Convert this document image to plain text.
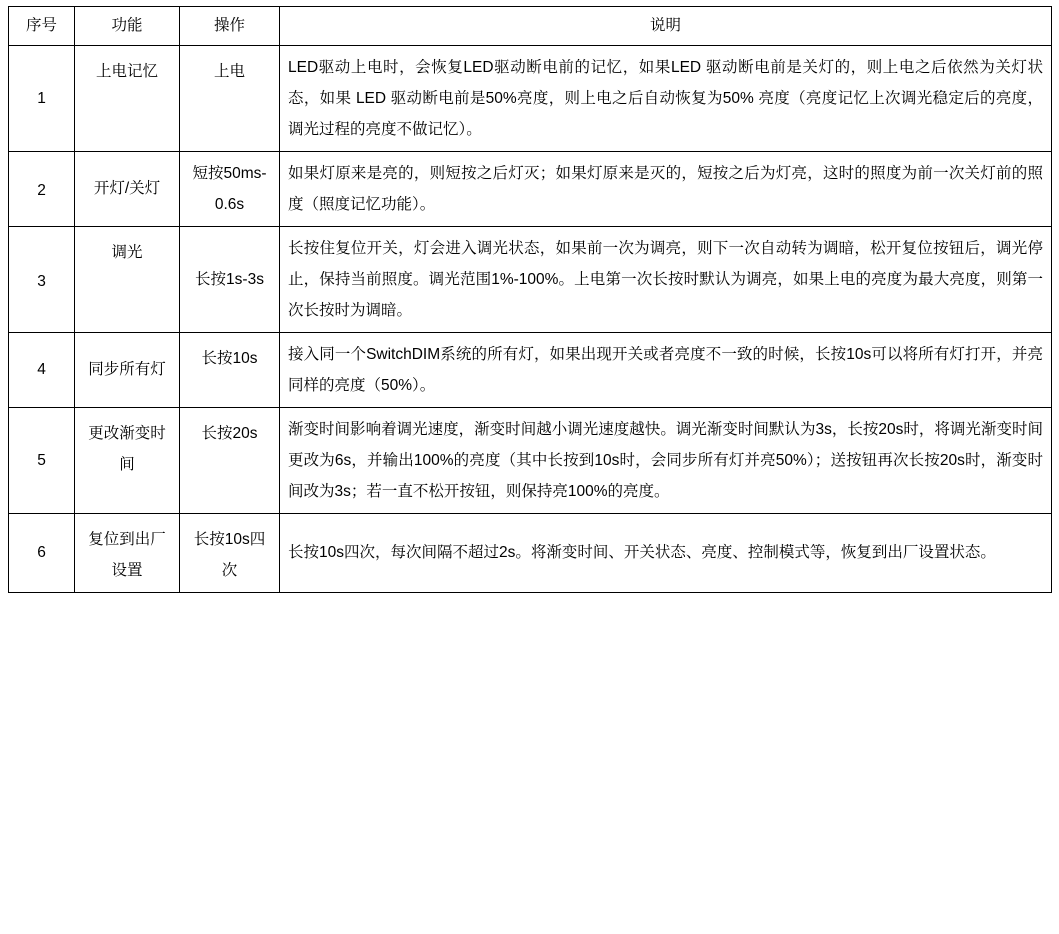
序号	功能	操作	说明
1	上电记忆	上电	LED驱动上电时，会恢复LED驱动断电前的记忆，如果LED 驱动断电前是关灯的，则上电之后依然为关灯状态，如果 LED 驱动断电前是50%亮度，则上电之后自动恢复为50% 亮度（亮度记忆上次调光稳定后的亮度，调光过程的亮度不做记忆）。
2	开灯/关灯	短按50ms-0.6s	如果灯原来是亮的，则短按之后灯灭；如果灯原来是灭的，短按之后为灯亮，这时的照度为前一次关灯前的照度（照度记忆功能）。
3	调光	长按1s-3s	长按住复位开关，灯会进入调光状态，如果前一次为调亮，则下一次自动转为调暗，松开复位按钮后，调光停止，保持当前照度。调光范围1%-100%。上电第一次长按时默认为调亮，如果上电的亮度为最大亮度，则第一次长按时为调暗。
4	同步所有灯	长按10s	接入同一个SwitchDIM系统的所有灯，如果出现开关或者亮度不一致的时候，长按10s可以将所有灯打开，并亮同样的亮度（50%）。
5	更改渐变时间	长按20s	渐变时间影响着调光速度，渐变时间越小调光速度越快。调光渐变时间默认为3s，长按20s时，将调光渐变时间更改为6s，并输出100%的亮度（其中长按到10s时，会同步所有灯并亮50%）；送按钮再次长按20s时，渐变时间改为3s；若一直不松开按钮，则保持亮100%的亮度。
6	复位到出厂设置	长按10s四次	长按10s四次，每次间隔不超过2s。将渐变时间、开关状态、亮度、控制模式等，恢复到出厂设置状态。
